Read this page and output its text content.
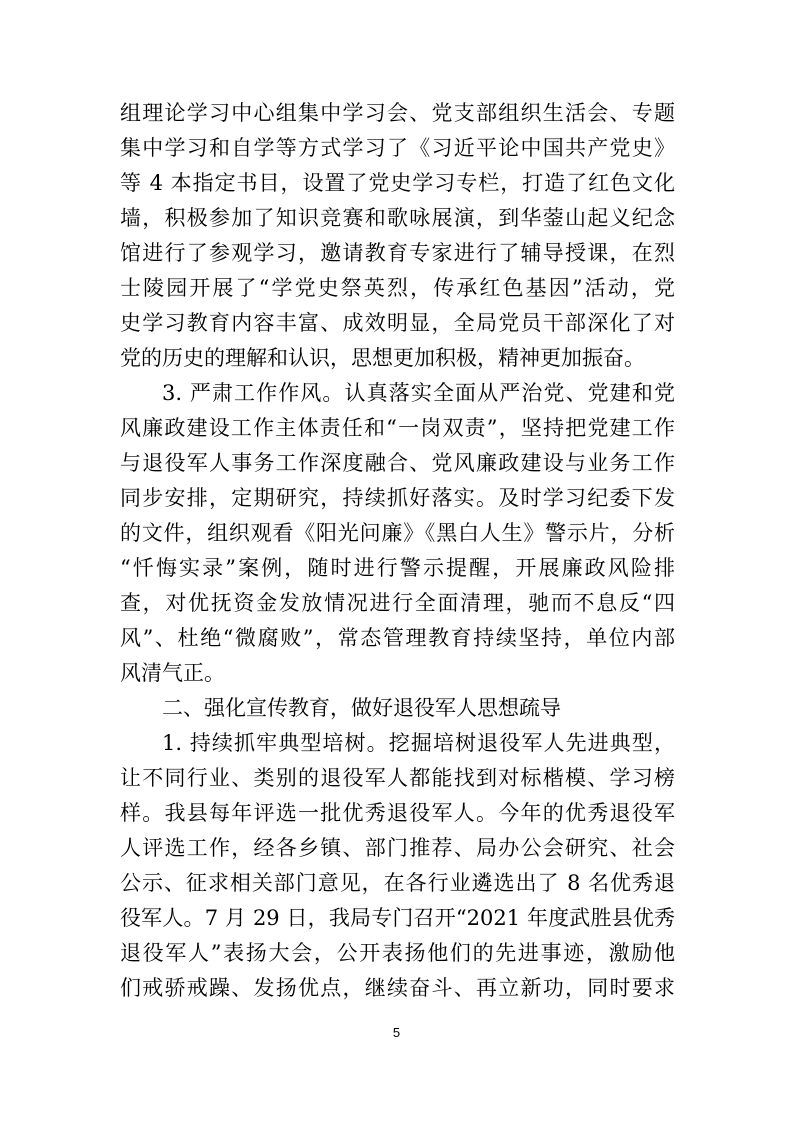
组理论学习中心组集中学习会、党支部组织生活会、专题
集中学习和自学等方式学习了《习近平论中国共产党史》
等 4 本指定书目，设置了党史学习专栏，打造了红色文化
墙，积极参加了知识竞赛和歌咏展演，到华蓥山起义纪念
馆进行了参观学习，邀请教育专家进行了辅导授课，在烈
士陵园开展了“学党史祭英烈，传承红色基因”活动，党
史学习教育内容丰富、成效明显，全局党员干部深化了对
党的历史的理解和认识，思想更加积极，精神更加振奋。
3. 严肃工作作风。认真落实全面从严治党、党建和党
风廉政建设工作主体责任和“一岗双责”，坚持把党建工作
与退役军人事务工作深度融合、党风廉政建设与业务工作
同步安排，定期研究，持续抓好落实。及时学习纪委下发
的文件，组织观看《阳光问廉》《黑白人生》警示片，分析
“忏悔实录”案例，随时进行警示提醒，开展廉政风险排
查，对优抚资金发放情况进行全面清理，驰而不息反“四
风”、杜绝“微腐败”，常态管理教育持续坚持，单位内部
风清气正。
二、强化宣传教育，做好退役军人思想疏导
1. 持续抓牢典型培树。挖掘培树退役军人先进典型，
让不同行业、类别的退役军人都能找到对标楷模、学习榜
样。我县每年评选一批优秀退役军人。今年的优秀退役军
人评选工作，经各乡镇、部门推荐、局办公会研究、社会
公示、征求相关部门意见，在各行业遴选出了 8 名优秀退
役军人。7 月 29 日，我局专门召开“2021 年度武胜县优秀
退役军人”表扬大会，公开表扬他们的先进事迹，激励他
们戒骄戒躁、发扬优点，继续奋斗、再立新功，同时要求
5
